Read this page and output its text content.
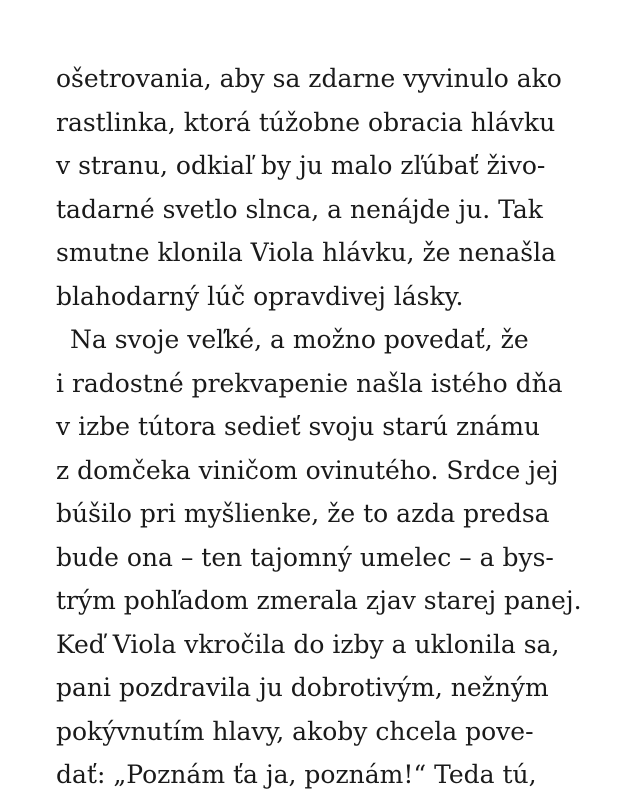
ošetrovania, aby sa zdarne vyvinulo ako
rastlinka, ktorá túžobne obracia hlávku
v stranu, odkiaľ by ju malo zľúbať živo-
tadarné svetlo slnca, a nenájde ju. Tak
smutne klonila Viola hlávku, že nenašla
blahodarný lúč opravdivej lásky.
Na svoje veľké, a možno povedať, že
i radostné prekvapenie našla istého dňa
v izbe tútora sedieť svoju starú známu
z domčeka viničom ovinutého. Srdce jej
búšilo pri myšlienke, že to azda predsa
bude ona – ten tajomný umelec – a bys-
trým pohľadom zmerala zjav starej panej.
Keď Viola vkročila do izby a uklonila sa,
pani pozdravila ju dobrotivým, nežným
pokývnutím hlavy, akoby chcela pove-
dať: „Poznám ťa ja, poznám!“ Teda tú,
